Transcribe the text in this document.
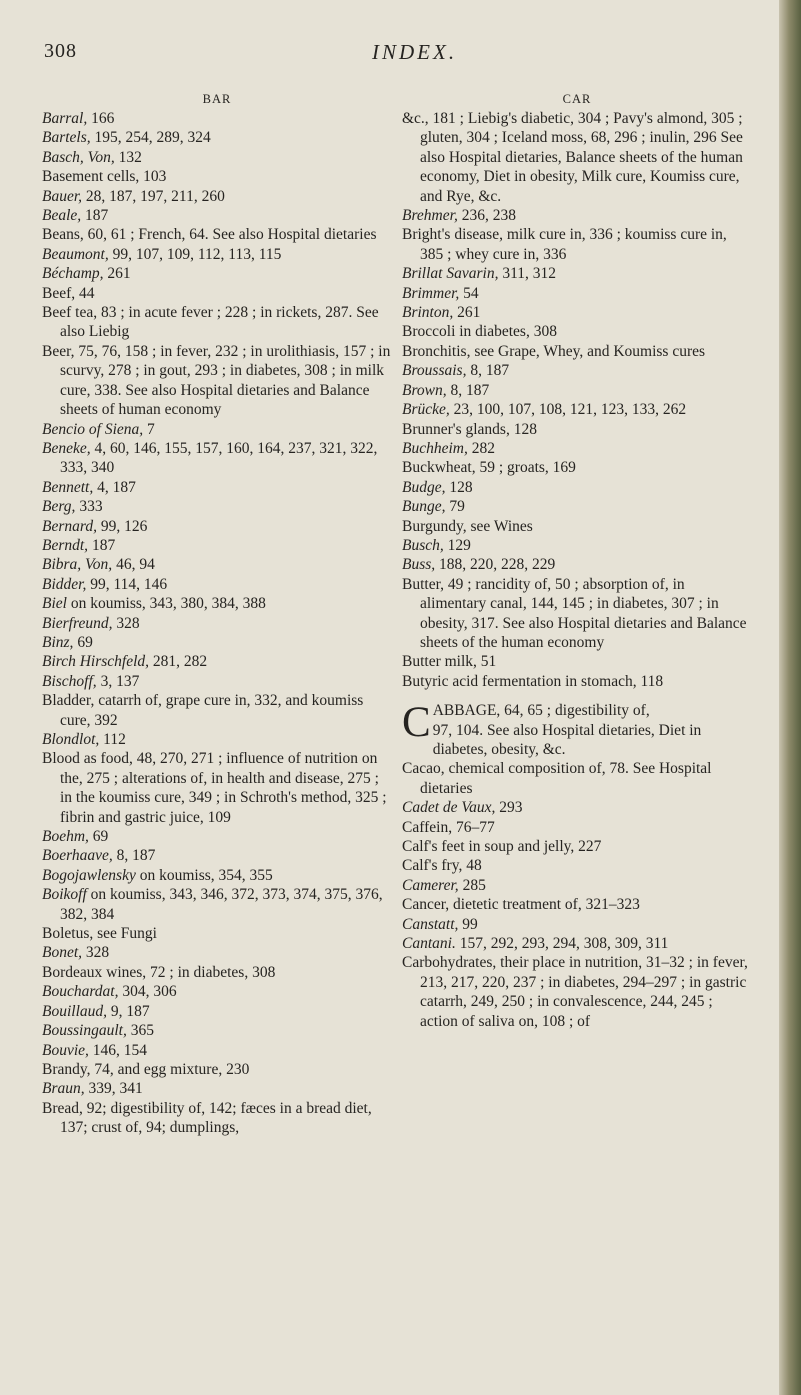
308	INDEX.
BAR
Barral, 166
Bartels, 195, 254, 289, 324
Basch, Von, 132
Basement cells, 103
Bauer, 28, 187, 197, 211, 260
Beale, 187
Beans, 60, 61 ; French, 64. See also Hospital dietaries
Beaumont, 99, 107, 109, 112, 113, 115
Béchamp, 261
Beef, 44
Beef tea, 83 ; in acute fever ; 228 ; in rickets, 287. See also Liebig
Beer, 75, 76, 158 ; in fever, 232 ; in urolithiasis, 157 ; in scurvy, 278 ; in gout, 293 ; in diabetes, 308 ; in milk cure, 338. See also Hospital dietaries and Balance sheets of human economy
Bencio of Siena, 7
Beneke, 4, 60, 146, 155, 157, 160, 164, 237, 321, 322, 333, 340
Bennett, 4, 187
Berg, 333
Bernard, 99, 126
Berndt, 187
Bibra, Von, 46, 94
Bidder, 99, 114, 146
Biel on koumiss, 343, 380, 384, 388
Bierfreund, 328
Binz, 69
Birch Hirschfeld, 281, 282
Bischoff, 3, 137
Bladder, catarrh of, grape cure in, 332, and koumiss cure, 392
Blondlot, 112
Blood as food, 48, 270, 271 ; influence of nutrition on the, 275 ; alterations of, in health and disease, 275 ; in the koumiss cure, 349 ; in Schroth's method, 325 ; fibrin and gastric juice, 109
Boehm, 69
Boerhaave, 8, 187
Bogojawlensky on koumiss, 354, 355
Boikoff on koumiss, 343, 346, 372, 373, 374, 375, 376, 382, 384
Boletus, see Fungi
Bonet, 328
Bordeaux wines, 72 ; in diabetes, 308
Bouchardat, 304, 306
Bouillaud, 9, 187
Boussingault, 365
Bouvie, 146, 154
Brandy, 74, and egg mixture, 230
Braun, 339, 341
Bread, 92; digestibility of, 142; fæces in a bread diet, 137; crust of, 94; dumplings,
CAR
&c., 181 ; Liebig's diabetic, 304 ; Pavy's almond, 305 ; gluten, 304 ; Iceland moss, 68, 296 ; inulin, 296 See also Hospital dietaries, Balance sheets of the human economy, Diet in obesity, Milk cure, Koumiss cure, and Rye, &c.
Brehmer, 236, 238
Bright's disease, milk cure in, 336 ; koumiss cure in, 385 ; whey cure in, 336
Brillat Savarin, 311, 312
Brimmer, 54
Brinton, 261
Broccoli in diabetes, 308
Bronchitis, see Grape, Whey, and Koumiss cures
Broussais, 8, 187
Brown, 8, 187
Brücke, 23, 100, 107, 108, 121, 123, 133, 262
Brunner's glands, 128
Buchheim, 282
Buckwheat, 59 ; groats, 169
Budge, 128
Bunge, 79
Burgundy, see Wines
Busch, 129
Buss, 188, 220, 228, 229
Butter, 49 ; rancidity of, 50 ; absorption of, in alimentary canal, 144, 145 ; in diabetes, 307 ; in obesity, 317. See also Hospital dietaries and Balance sheets of the human economy
Butter milk, 51
Butyric acid fermentation in stomach, 118
C ABBAGE, 64, 65 ; digestibility of,
97, 104. See also Hospital dietaries, Diet in diabetes, obesity, &c.
Cacao, chemical composition of, 78. See Hospital dietaries
Cadet de Vaux, 293
Caffein, 76–77
Calf's feet in soup and jelly, 227
Calf's fry, 48
Camerer, 285
Cancer, dietetic treatment of, 321–323
Canstatt, 99
Cantani. 157, 292, 293, 294, 308, 309, 311
Carbohydrates, their place in nutrition, 31–32 ; in fever, 213, 217, 220, 237 ; in diabetes, 294–297 ; in gastric catarrh, 249, 250 ; in convalescence, 244, 245 ; action of saliva on, 108 ; of
